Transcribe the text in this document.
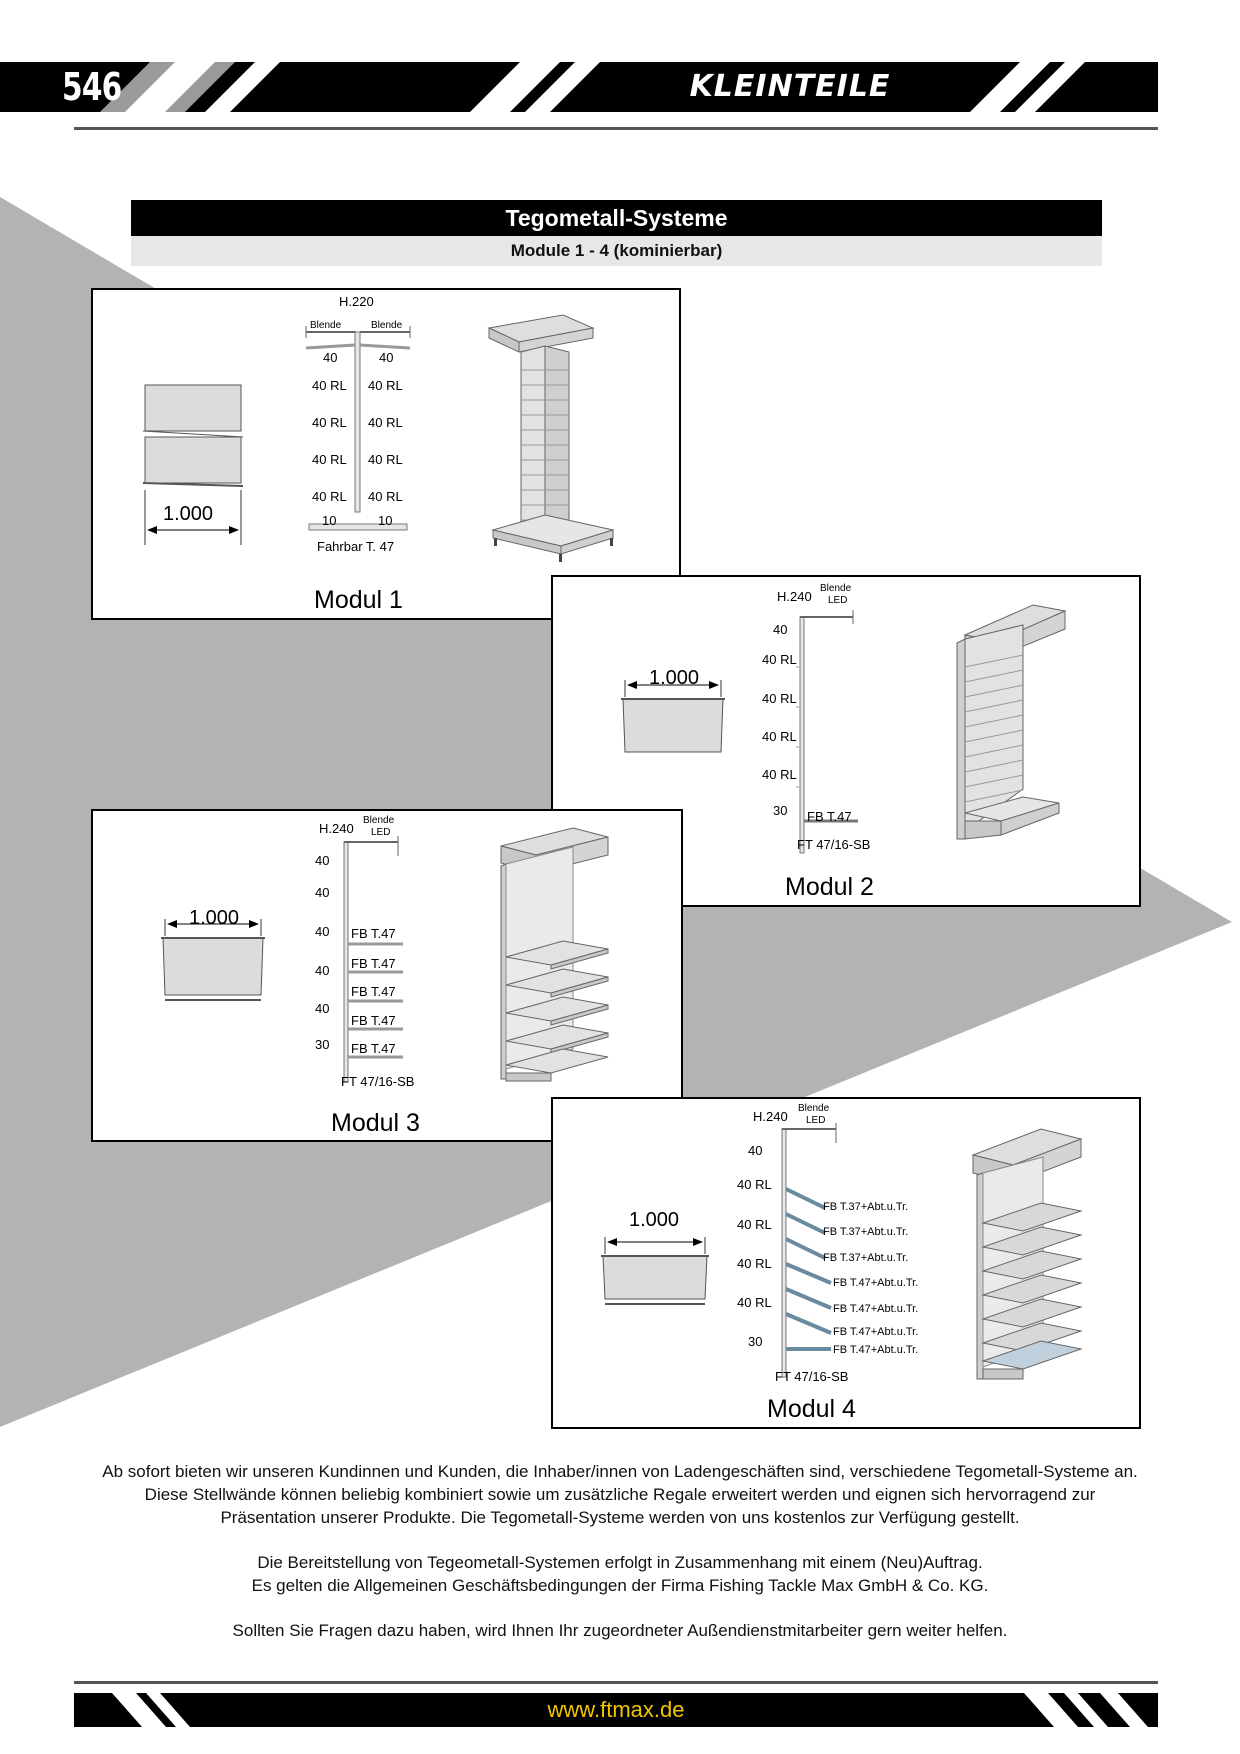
546	KLEINTEILE
Tegometall-Systeme
Module 1 - 4 (kominierbar)
1.000
H.220
Blende	Blende
40	40
40 RL 40 RL
40 RL 40 RL
40 RL 40 RL
40 RL 40 RL
10	10
Fahrbar T. 47
Modul 1
1.000
H.240
Blende
LED
40
40 RL
40 RL
40 RL
40 RL
30 FB T.47
FT 47/16-SB
Modul 2
1.000
H.240
Blende
LED
40
40
40
40
40
30
FB T.47
FB T.47
FB T.47
FB T.47
FB T.47
FT 47/16-SB
Modul 3
1.000
H.240
Blende
LED
40
40 RL
40 RL
40 RL
40 RL
30
FB T.37+Abt.u.Tr.
FB T.37+Abt.u.Tr.
FB T.37+Abt.u.Tr.
FB T.47+Abt.u.Tr.
FB T.47+Abt.u.Tr.
FB T.47+Abt.u.Tr.
FB T.47+Abt.u.Tr.
FT 47/16-SB
Modul 4
Ab sofort bieten wir unseren Kundinnen und Kunden, die Inhaber/innen von Ladengeschäften sind, verschiedene Tegometall-Systeme an.
Diese Stellwände können beliebig kombiniert sowie um zusätzliche Regale erweitert werden und eignen sich hervorragend zur
Präsentation unserer Produkte. Die Tegometall-Systeme werden von uns kostenlos zur Verfügung gestellt.
Die Bereitstellung von Tegeometall-Systemen erfolgt in Zusammenhang mit einem (Neu)Auftrag.
Es gelten die Allgemeinen Geschäftsbedingungen der Firma Fishing Tackle Max GmbH & Co. KG.
Sollten Sie Fragen dazu haben, wird Ihnen Ihr zugeordneter Außendienstmitarbeiter gern weiter helfen.
www.ftmax.de
